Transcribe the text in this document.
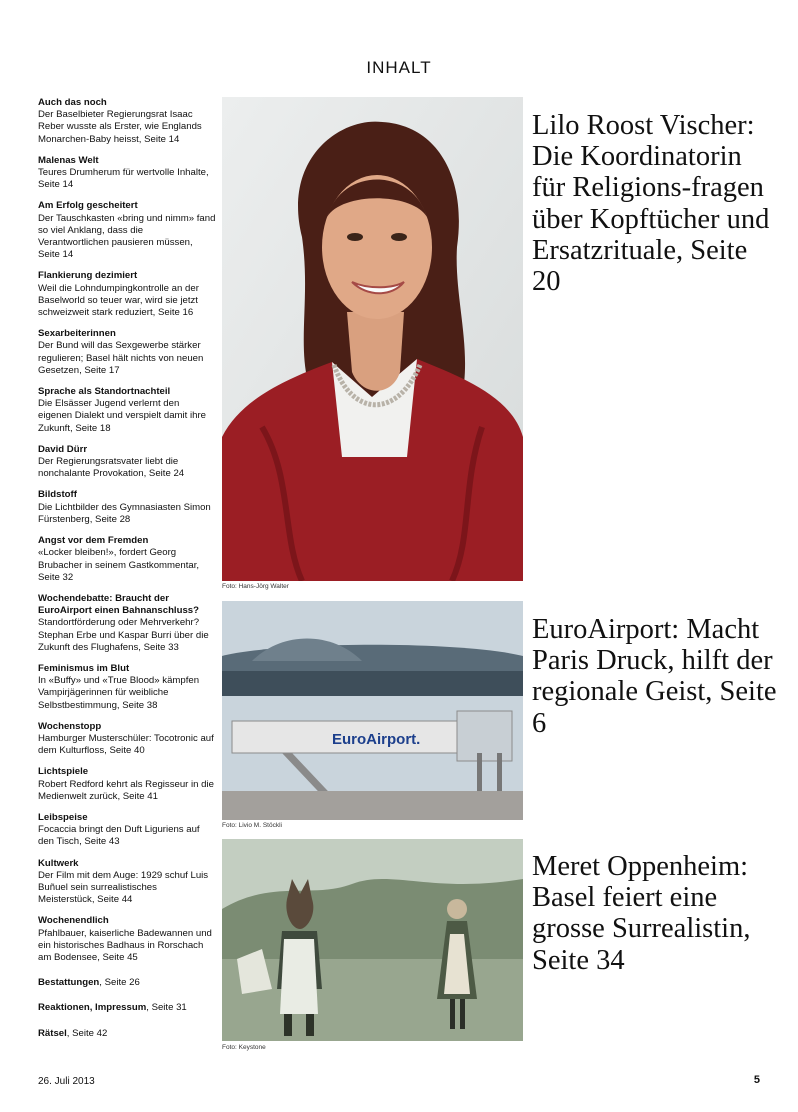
INHALT
Auch das noch
Der Baselbieter Regierungsrat Isaac Reber wusste als Erster, wie Englands Monarchen-Baby heisst, Seite 14
Malenas Welt
Teures Drumherum für wertvolle Inhalte, Seite 14
Am Erfolg gescheitert
Der Tauschkasten «bring und nimm» fand so viel Anklang, dass die Verantwortlichen pausieren müssen, Seite 14
Flankierung dezimiert
Weil die Lohndumpingkontrolle an der Baselworld so teuer war, wird sie jetzt schweizweit stark reduziert, Seite 16
Sexarbeiterinnen
Der Bund will das Sexgewerbe stärker regulieren; Basel hält nichts von neuen Gesetzen, Seite 17
Sprache als Standortnachteil
Die Elsässer Jugend verlernt den eigenen Dialekt und verspielt damit ihre Zukunft, Seite 18
David Dürr
Der Regierungsratsvater liebt die nonchalante Provokation, Seite 24
Bildstoff
Die Lichtbilder des Gymnasiasten Simon Fürstenberg, Seite 28
Angst vor dem Fremden
«Locker bleiben!», fordert Georg Brubacher in seinem Gastkommentar, Seite 32
Wochendebatte: Braucht der EuroAirport einen Bahnanschluss?
Standortförderung oder Mehrverkehr? Stephan Erbe und Kaspar Burri über die Zukunft des Flughafens, Seite 33
Feminismus im Blut
In «Buffy» und «True Blood» kämpfen Vampirjägerinnen für weibliche Selbstbestimmung, Seite 38
Wochenstopp
Hamburger Musterschüler: Tocotronic auf dem Kulturfloss, Seite 40
Lichtspiele
Robert Redford kehrt als Regisseur in die Medienwelt zurück, Seite 41
Leibspeise
Focaccia bringt den Duft Liguriens auf den Tisch, Seite 43
Kultwerk
Der Film mit dem Auge: 1929 schuf Luis Buñuel sein surrealistisches Meisterstück, Seite 44
Wochenendlich
Pfahlbauer, kaiserliche Badewannen und ein historisches Badhaus in Rorschach am Bodensee, Seite 45
Bestattungen, Seite 26
Reaktionen, Impressum, Seite 31
Rätsel, Seite 42
Foto: Hans-Jörg Walter
Lilo Roost Vischer: Die Koordinatorin für Religions-fragen über Kopftücher und Ersatzrituale, Seite 20
EuroAirport.
Foto: Livio M. Stöckli
EuroAirport: Macht Paris Druck, hilft der regionale Geist, Seite 6
Foto: Keystone
Meret Oppenheim: Basel feiert eine grosse Surrealistin, Seite 34
26. Juli 2013	5
